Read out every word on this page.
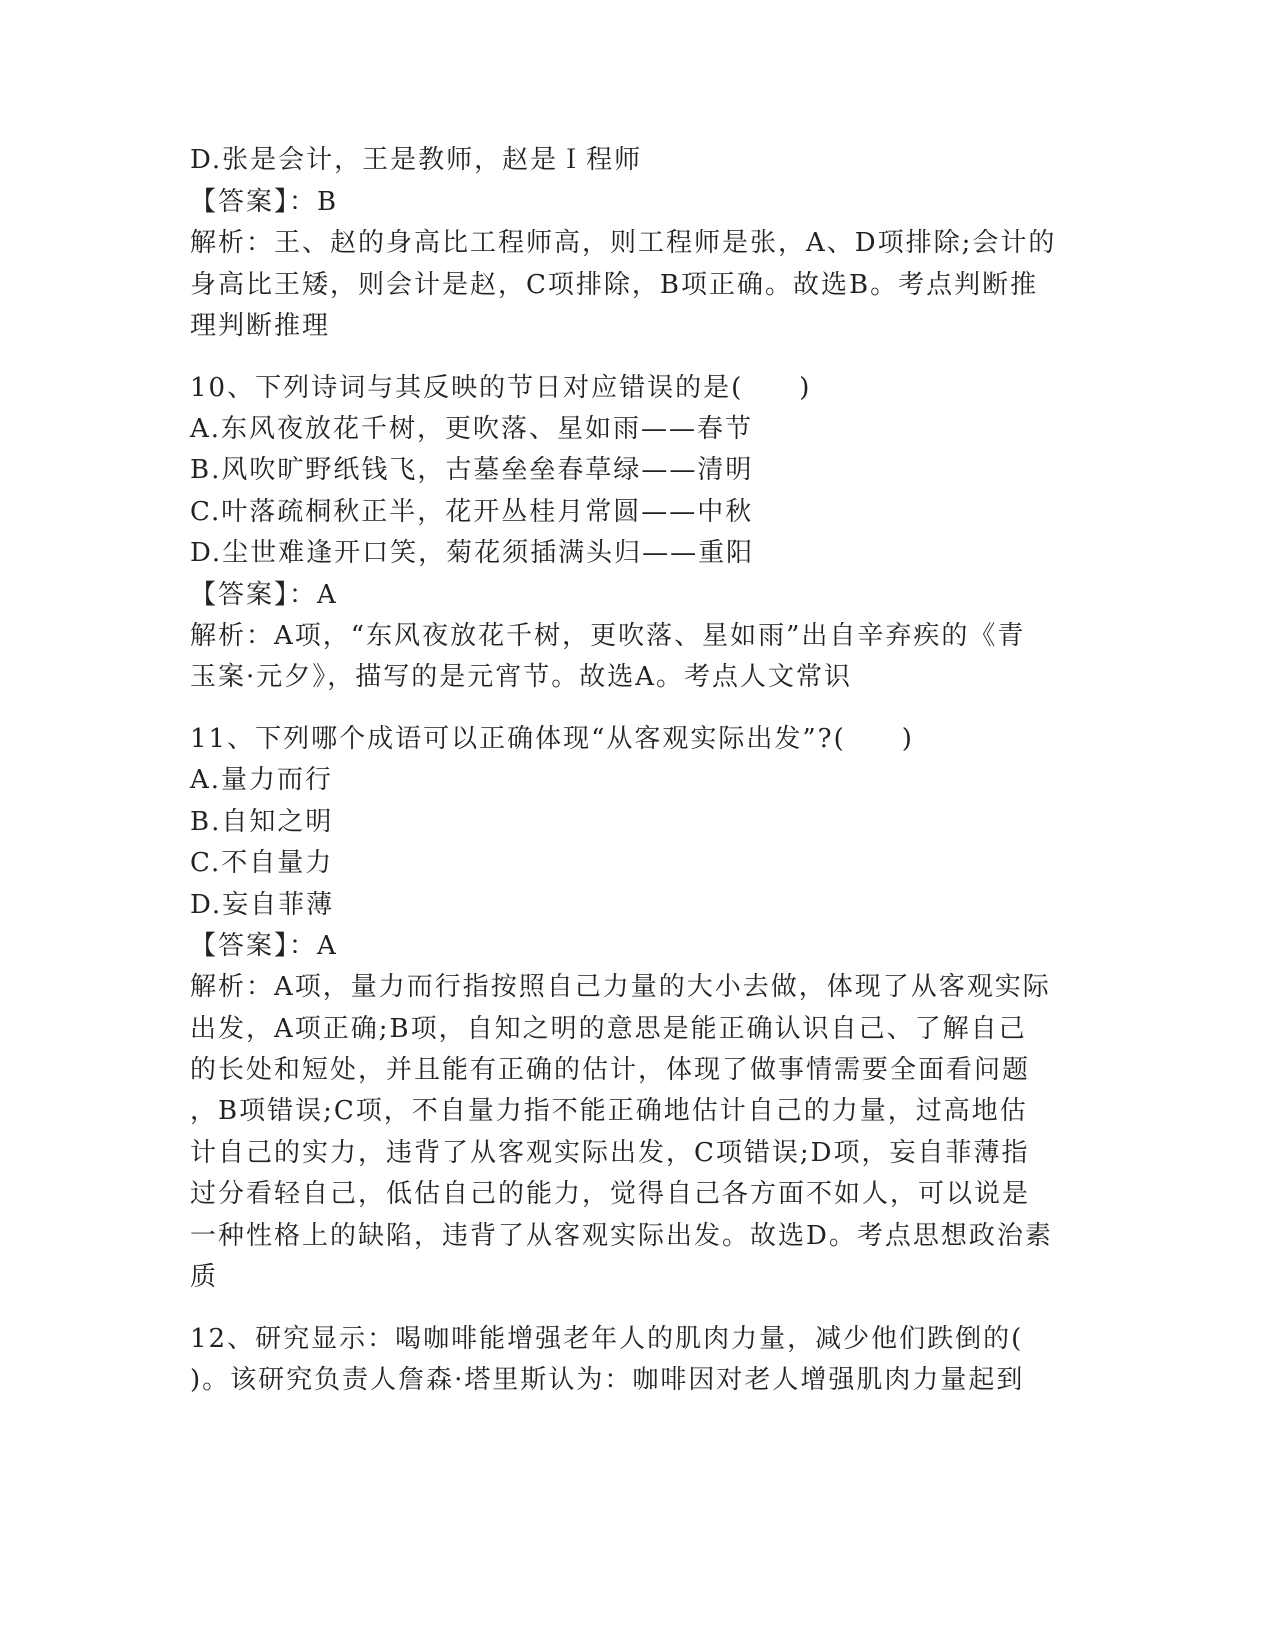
D.张是会计，王是教师，赵是Ｉ程师
【答案】：B
解析：王、赵的身高比工程师高，则工程师是张，A、D项排除;会计的
身高比王矮，则会计是赵，C项排除，B项正确。故选B。考点判断推
理判断推理
10、下列诗词与其反映的节日对应错误的是(　　)
A.东风夜放花千树，更吹落、星如雨——春节
B.风吹旷野纸钱飞，古墓垒垒春草绿——清明
C.叶落疏桐秋正半，花开丛桂月常圆——中秋
D.尘世难逢开口笑，菊花须插满头归——重阳
【答案】：A
解析：A项，“东风夜放花千树，更吹落、星如雨”出自辛弃疾的《青
玉案·元夕》，描写的是元宵节。故选A。考点人文常识
11、下列哪个成语可以正确体现“从客观实际出发”?(　　)
A.量力而行
B.自知之明
C.不自量力
D.妄自菲薄
【答案】：A
解析：A项，量力而行指按照自己力量的大小去做，体现了从客观实际
出发，A项正确;B项，自知之明的意思是能正确认识自己、了解自己
的长处和短处，并且能有正确的估计，体现了做事情需要全面看问题
，B项错误;C项，不自量力指不能正确地估计自己的力量，过高地估
计自己的实力，违背了从客观实际出发，C项错误;D项，妄自菲薄指
过分看轻自己，低估自己的能力，觉得自己各方面不如人，可以说是
一种性格上的缺陷，违背了从客观实际出发。故选D。考点思想政治素
质
12、研究显示：喝咖啡能增强老年人的肌肉力量，减少他们跌倒的(
)。该研究负责人詹森·塔里斯认为：咖啡因对老人增强肌肉力量起到
